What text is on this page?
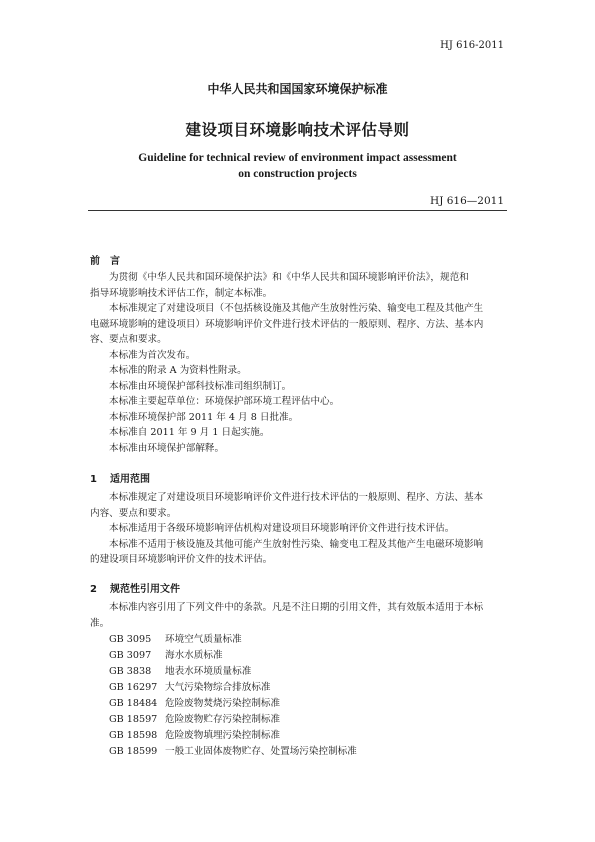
HJ 616-2011
中华人民共和国国家环境保护标准
建设项目环境影响技术评估导则
Guideline for technical review of environment impact assessment
on construction projects
HJ 616—2011
前　言
为贯彻《中华人民共和国环境保护法》和《中华人民共和国环境影响评价法》，规范和
指导环境影响技术评估工作，制定本标准。
本标准规定了对建设项目（不包括核设施及其他产生放射性污染、输变电工程及其他产生
电磁环境影响的建设项目）环境影响评价文件进行技术评估的一般原则、程序、方法、基本内
容、要点和要求。
本标准为首次发布。
本标准的附录 A 为资料性附录。
本标准由环境保护部科技标准司组织制订。
本标准主要起草单位：环境保护部环境工程评估中心。
本标准环境保护部 2011 年 4 月 8 日批准。
本标准自 2011 年 9 月 1 日起实施。
本标准由环境保护部解释。
1 适用范围
本标准规定了对建设项目环境影响评价文件进行技术评估的一般原则、程序、方法、基本
内容、要点和要求。
本标准适用于各级环境影响评估机构对建设项目环境影响评价文件进行技术评估。
本标准不适用于核设施及其他可能产生放射性污染、输变电工程及其他产生电磁环境影响
的建设项目环境影响评价文件的技术评估。
2 规范性引用文件
本标准内容引用了下列文件中的条款。凡是不注日期的引用文件，其有效版本适用于本标
准。
GB 3095 环境空气质量标准
GB 3097 海水水质标准
GB 3838 地表水环境质量标准
GB 16297 大气污染物综合排放标准
GB 18484 危险废物焚烧污染控制标准
GB 18597 危险废物贮存污染控制标准
GB 18598 危险废物填埋污染控制标准
GB 18599 一般工业固体废物贮存、处置场污染控制标准
